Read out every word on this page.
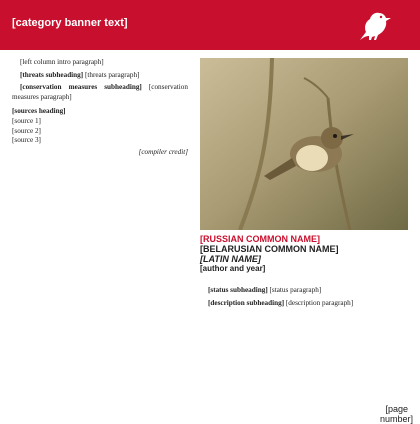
[category banner text]

[left column intro paragraph]

[threats subheading] [threats paragraph]

[conservation measures subheading] [conservation measures paragraph]

[sources heading]
[source 1]
[source 2]
[source 3]
[compiler credit]
[RUSSIAN COMMON NAME]
[BELARUSIAN COMMON NAME]
[LATIN NAME]
[author and year]

[status subheading] [status paragraph]

[description subheading] [description paragraph]

[page number]
